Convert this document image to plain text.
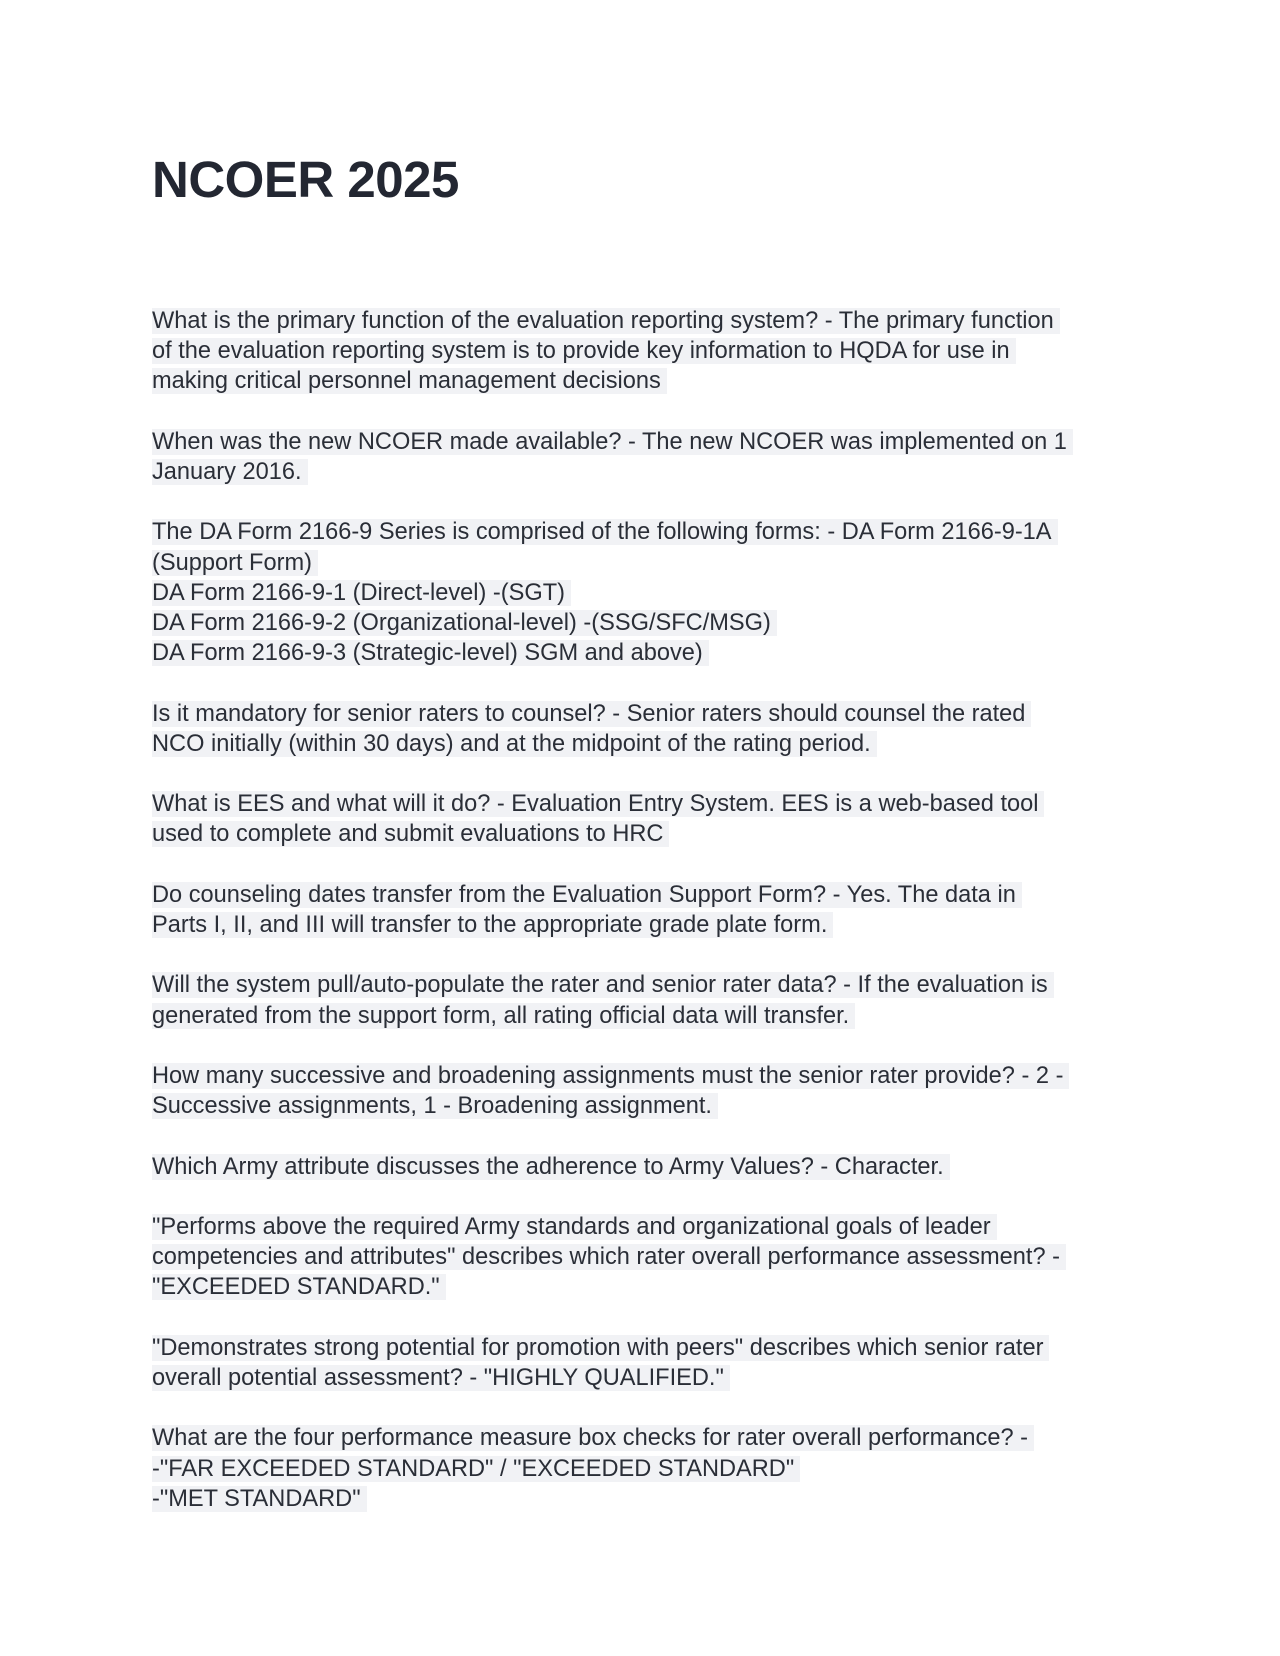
NCOER 2025

What is the primary function of the evaluation reporting system? - The primary function
of the evaluation reporting system is to provide key information to HQDA for use in
making critical personnel management decisions

When was the new NCOER made available? - The new NCOER was implemented on 1
January 2016.

The DA Form 2166-9 Series is comprised of the following forms: - DA Form 2166-9-1A
(Support Form)
DA Form 2166-9-1 (Direct-level) -(SGT)
DA Form 2166-9-2 (Organizational-level) -(SSG/SFC/MSG)
DA Form 2166-9-3 (Strategic-level) SGM and above)

Is it mandatory for senior raters to counsel? - Senior raters should counsel the rated
NCO initially (within 30 days) and at the midpoint of the rating period.

What is EES and what will it do? - Evaluation Entry System. EES is a web-based tool
used to complete and submit evaluations to HRC

Do counseling dates transfer from the Evaluation Support Form? - Yes. The data in
Parts I, II, and III will transfer to the appropriate grade plate form.

Will the system pull/auto-populate the rater and senior rater data? - If the evaluation is
generated from the support form, all rating official data will transfer.

How many successive and broadening assignments must the senior rater provide? - 2 -
Successive assignments, 1 - Broadening assignment.

Which Army attribute discusses the adherence to Army Values? - Character.

"Performs above the required Army standards and organizational goals of leader
competencies and attributes" describes which rater overall performance assessment? -
"EXCEEDED STANDARD."

"Demonstrates strong potential for promotion with peers" describes which senior rater
overall potential assessment? - "HIGHLY QUALIFIED."

What are the four performance measure box checks for rater overall performance? -
-"FAR EXCEEDED STANDARD" / "EXCEEDED STANDARD"
-"MET STANDARD"
